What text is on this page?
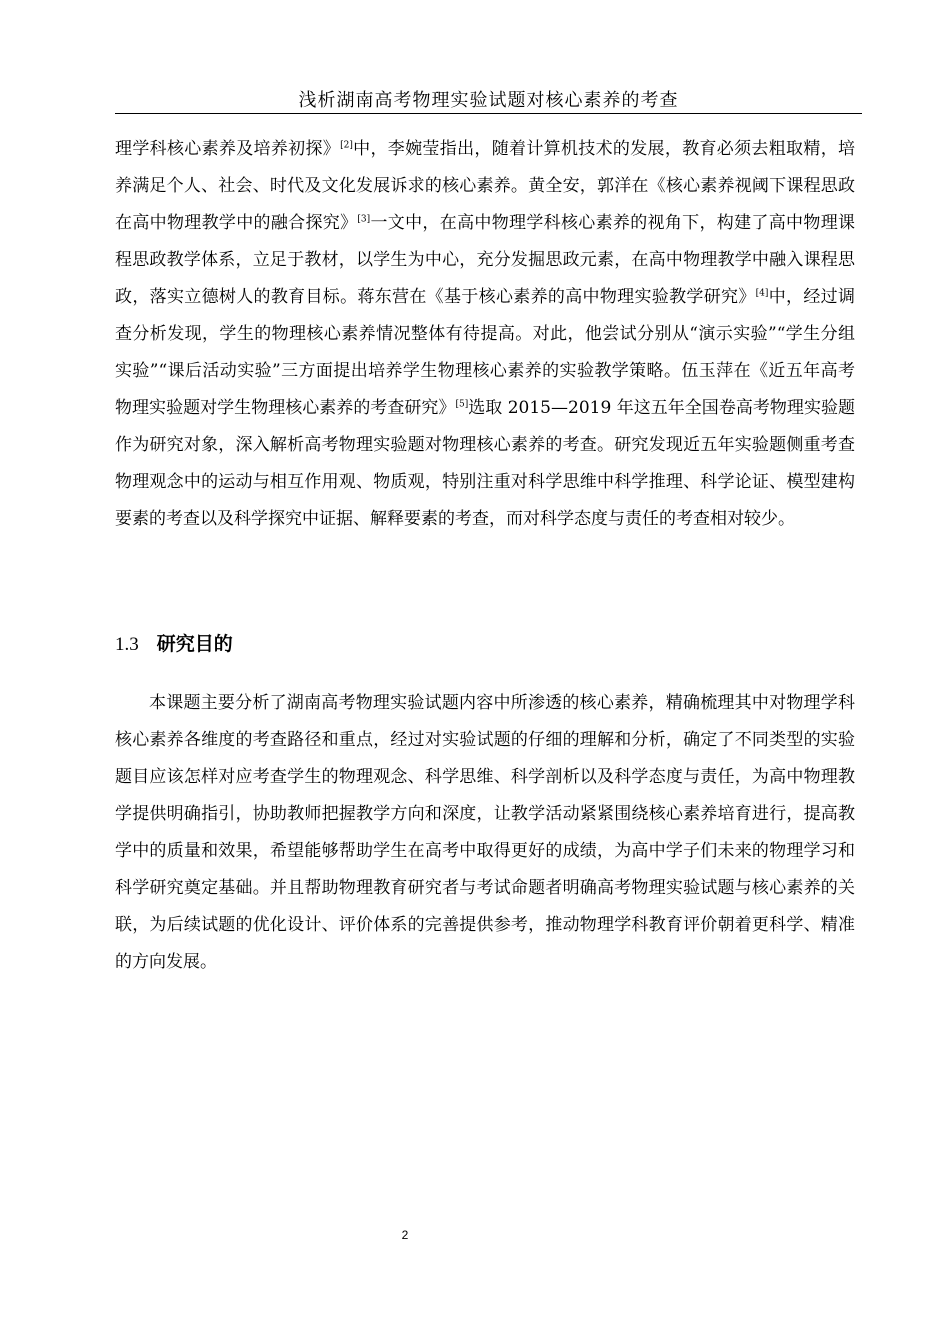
浅析湖南高考物理实验试题对核心素养的考查

理学科核心素养及培养初探》[2]中，李婉莹指出，随着计算机技术的发展，教育必须去粗取精，培养满足个人、社会、时代及文化发展诉求的核心素养。黄全安，郭洋在《核心素养视阈下课程思政在高中物理教学中的融合探究》[3]一文中，在高中物理学科核心素养的视角下，构建了高中物理课程思政教学体系，立足于教材，以学生为中心，充分发掘思政元素，在高中物理教学中融入课程思政，落实立德树人的教育目标。蒋东营在《基于核心素养的高中物理实验教学研究》[4]中，经过调查分析发现，学生的物理核心素养情况整体有待提高。对此，他尝试分别从“演示实验”“学生分组实验”“课后活动实验”三方面提出培养学生物理核心素养的实验教学策略。伍玉萍在《近五年高考物理实验题对学生物理核心素养的考查研究》[5]选取 2015—2019 年这五年全国卷高考物理实验题作为研究对象，深入解析高考物理实验题对物理核心素养的考查。研究发现近五年实验题侧重考查物理观念中的运动与相互作用观、物质观，特别注重对科学思维中科学推理、科学论证、模型建构要素的考查以及科学探究中证据、解释要素的考查，而对科学态度与责任的考查相对较少。

1.3 研究目的

本课题主要分析了湖南高考物理实验试题内容中所渗透的核心素养，精确梳理其中对物理学科核心素养各维度的考查路径和重点，经过对实验试题的仔细的理解和分析，确定了不同类型的实验题目应该怎样对应考查学生的物理观念、科学思维、科学剖析以及科学态度与责任，为高中物理教学提供明确指引，协助教师把握教学方向和深度，让教学活动紧紧围绕核心素养培育进行，提高教学中的质量和效果，希望能够帮助学生在高考中取得更好的成绩，为高中学子们未来的物理学习和科学研究奠定基础。并且帮助物理教育研究者与考试命题者明确高考物理实验试题与核心素养的关联，为后续试题的优化设计、评价体系的完善提供参考，推动物理学科教育评价朝着更科学、精准的方向发展。

2
